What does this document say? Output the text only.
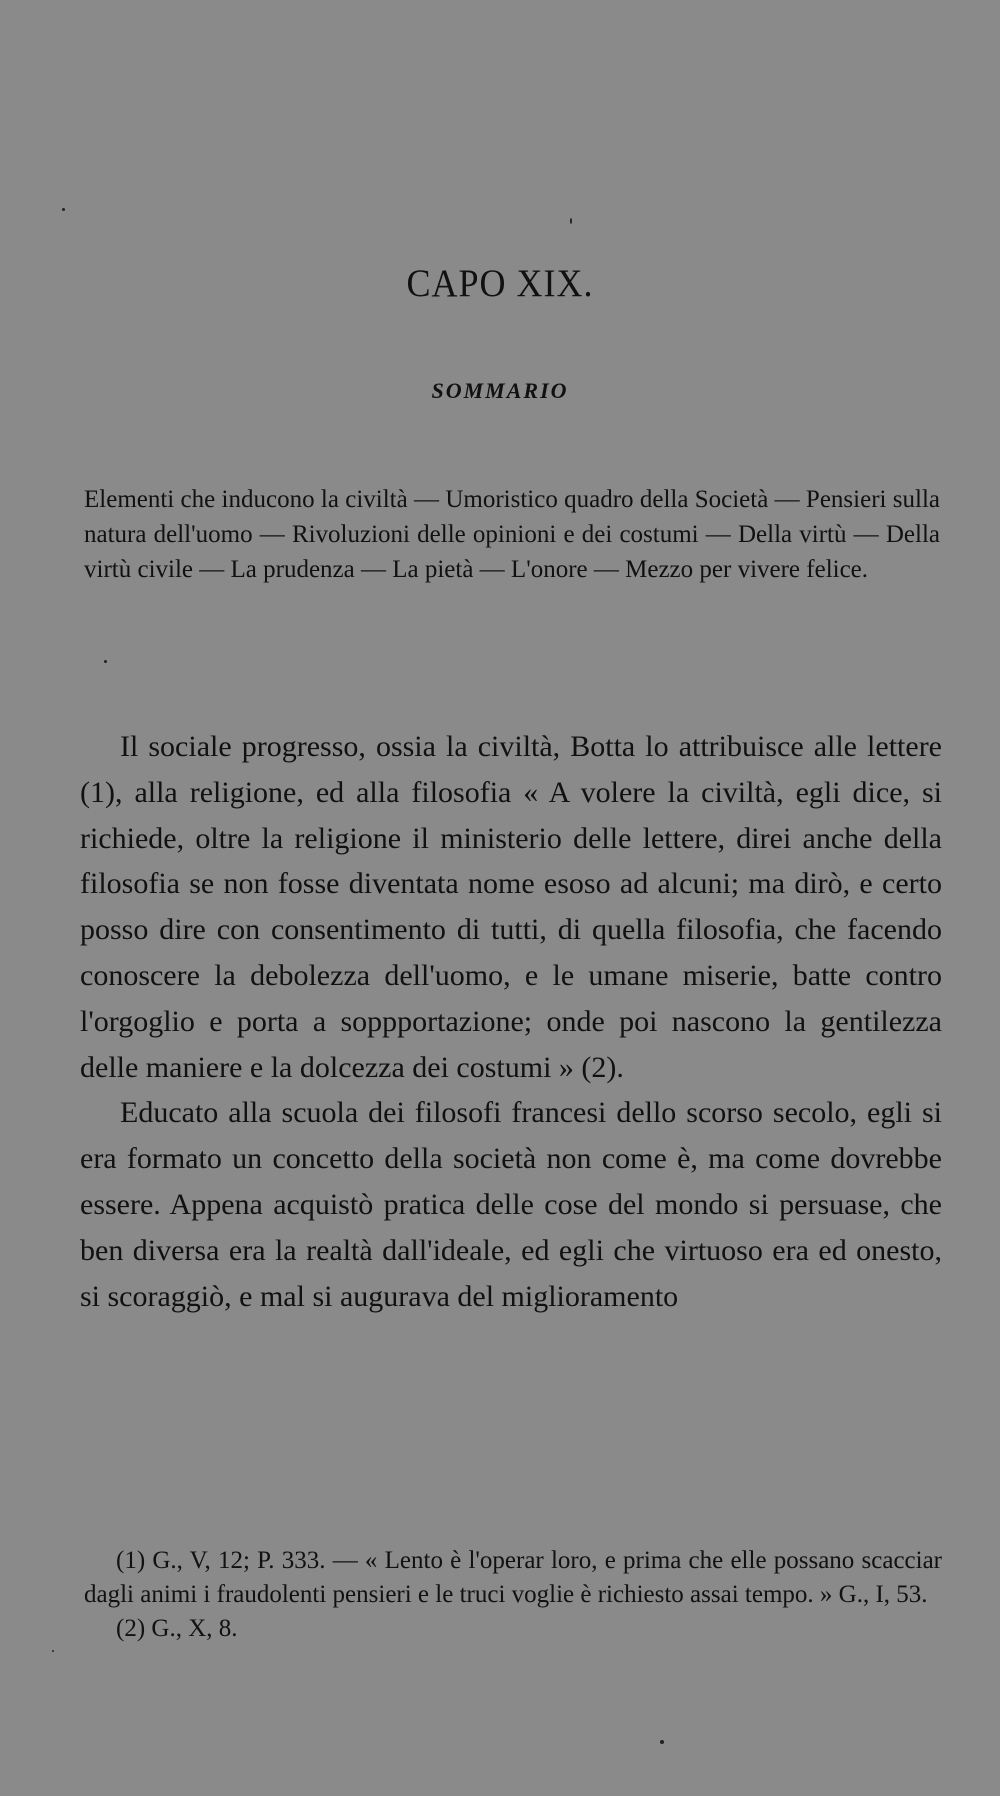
CAPO XIX.
SOMMARIO
Elementi che inducono la civiltà — Umoristico quadro della Società — Pensieri sulla natura dell'uomo — Rivoluzioni delle opinioni e dei costumi — Della virtù — Della virtù civile — La prudenza — La pietà — L'onore — Mezzo per vivere felice.

Il sociale progresso, ossia la civiltà, Botta lo attribuisce alle lettere (1), alla religione, ed alla filosofia « A volere la civiltà, egli dice, si richiede, oltre la religione il ministerio delle lettere, direi anche della filosofia se non fosse diventata nome esoso ad alcuni; ma dirò, e certo posso dire con consentimento di tutti, di quella filosofia, che facendo conoscere la debolezza dell'uomo, e le umane miserie, batte contro l'orgoglio e porta a soppportazione; onde poi nascono la gentilezza delle maniere e la dolcezza dei costumi » (2).

Educato alla scuola dei filosofi francesi dello scorso secolo, egli si era formato un concetto della società non come è, ma come dovrebbe essere. Appena acquistò pratica delle cose del mondo si persuase, che ben diversa era la realtà dall'ideale, ed egli che virtuoso era ed onesto, si scoraggiò, e mal si augurava del miglioramento

(1) G., V, 12; P. 333. — « Lento è l'operar loro, e prima che elle possano scacciar dagli animi i fraudolenti pensieri e le truci voglie è richiesto assai tempo. » G., I, 53.

(2) G., X, 8.
